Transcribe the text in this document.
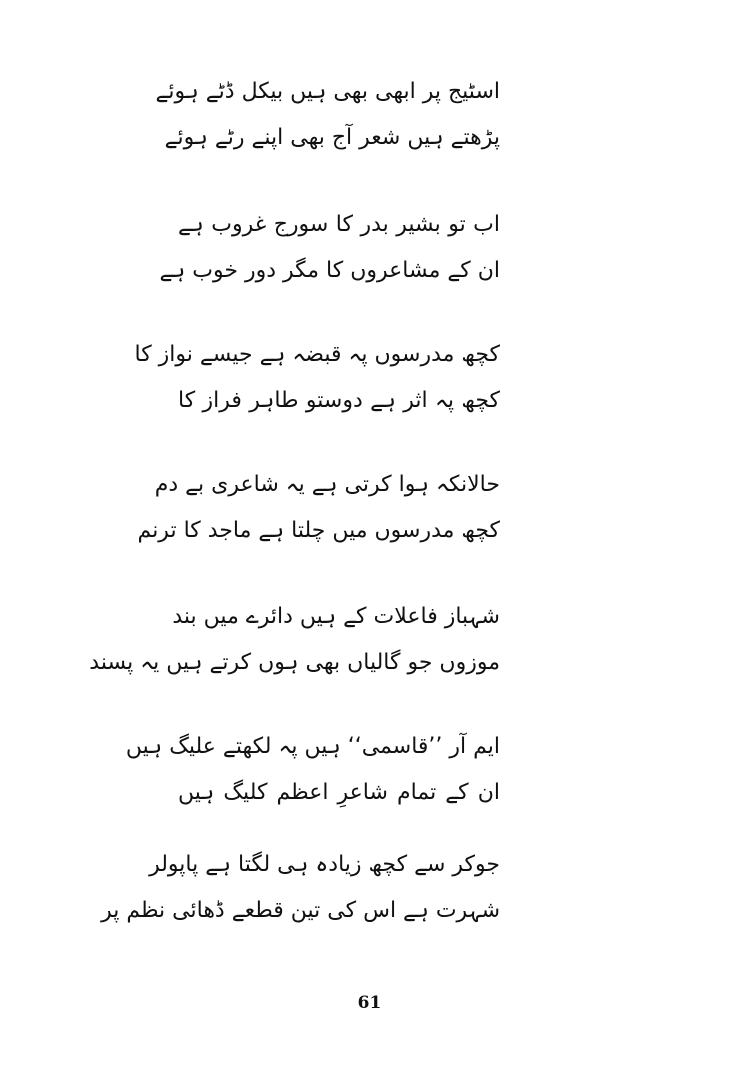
اسٹیج پر ابھی بھی ہیں بیکل ڈٹے ہوئے
پڑھتے ہیں شعر آج بھی اپنے رٹے ہوئے
اب تو بشیر بدر کا سورج غروب ہے
ان کے مشاعروں کا مگر دور خوب ہے
کچھ مدرسوں پہ قبضہ ہے جیسے نواز کا
کچھ پہ اثر ہے دوستو طاہر فراز کا
حالانکہ ہوا کرتی ہے یہ شاعری بے دم
کچھ مدرسوں میں چلتا ہے ماجد کا ترنم
شہباز فاعلات کے ہیں دائرے میں بند
موزوں جو گالیاں بھی ہوں کرتے ہیں یہ پسند
ایم آر ’’قاسمی‘‘ ہیں پہ لکھتے علیگ ہیں
ان کے تمام شاعرِ اعظم کلیگ ہیں
جوکر سے کچھ زیادہ ہی لگتا ہے پاپولر
شہرت ہے اس کی تین قطعے ڈھائی نظم پر
61
